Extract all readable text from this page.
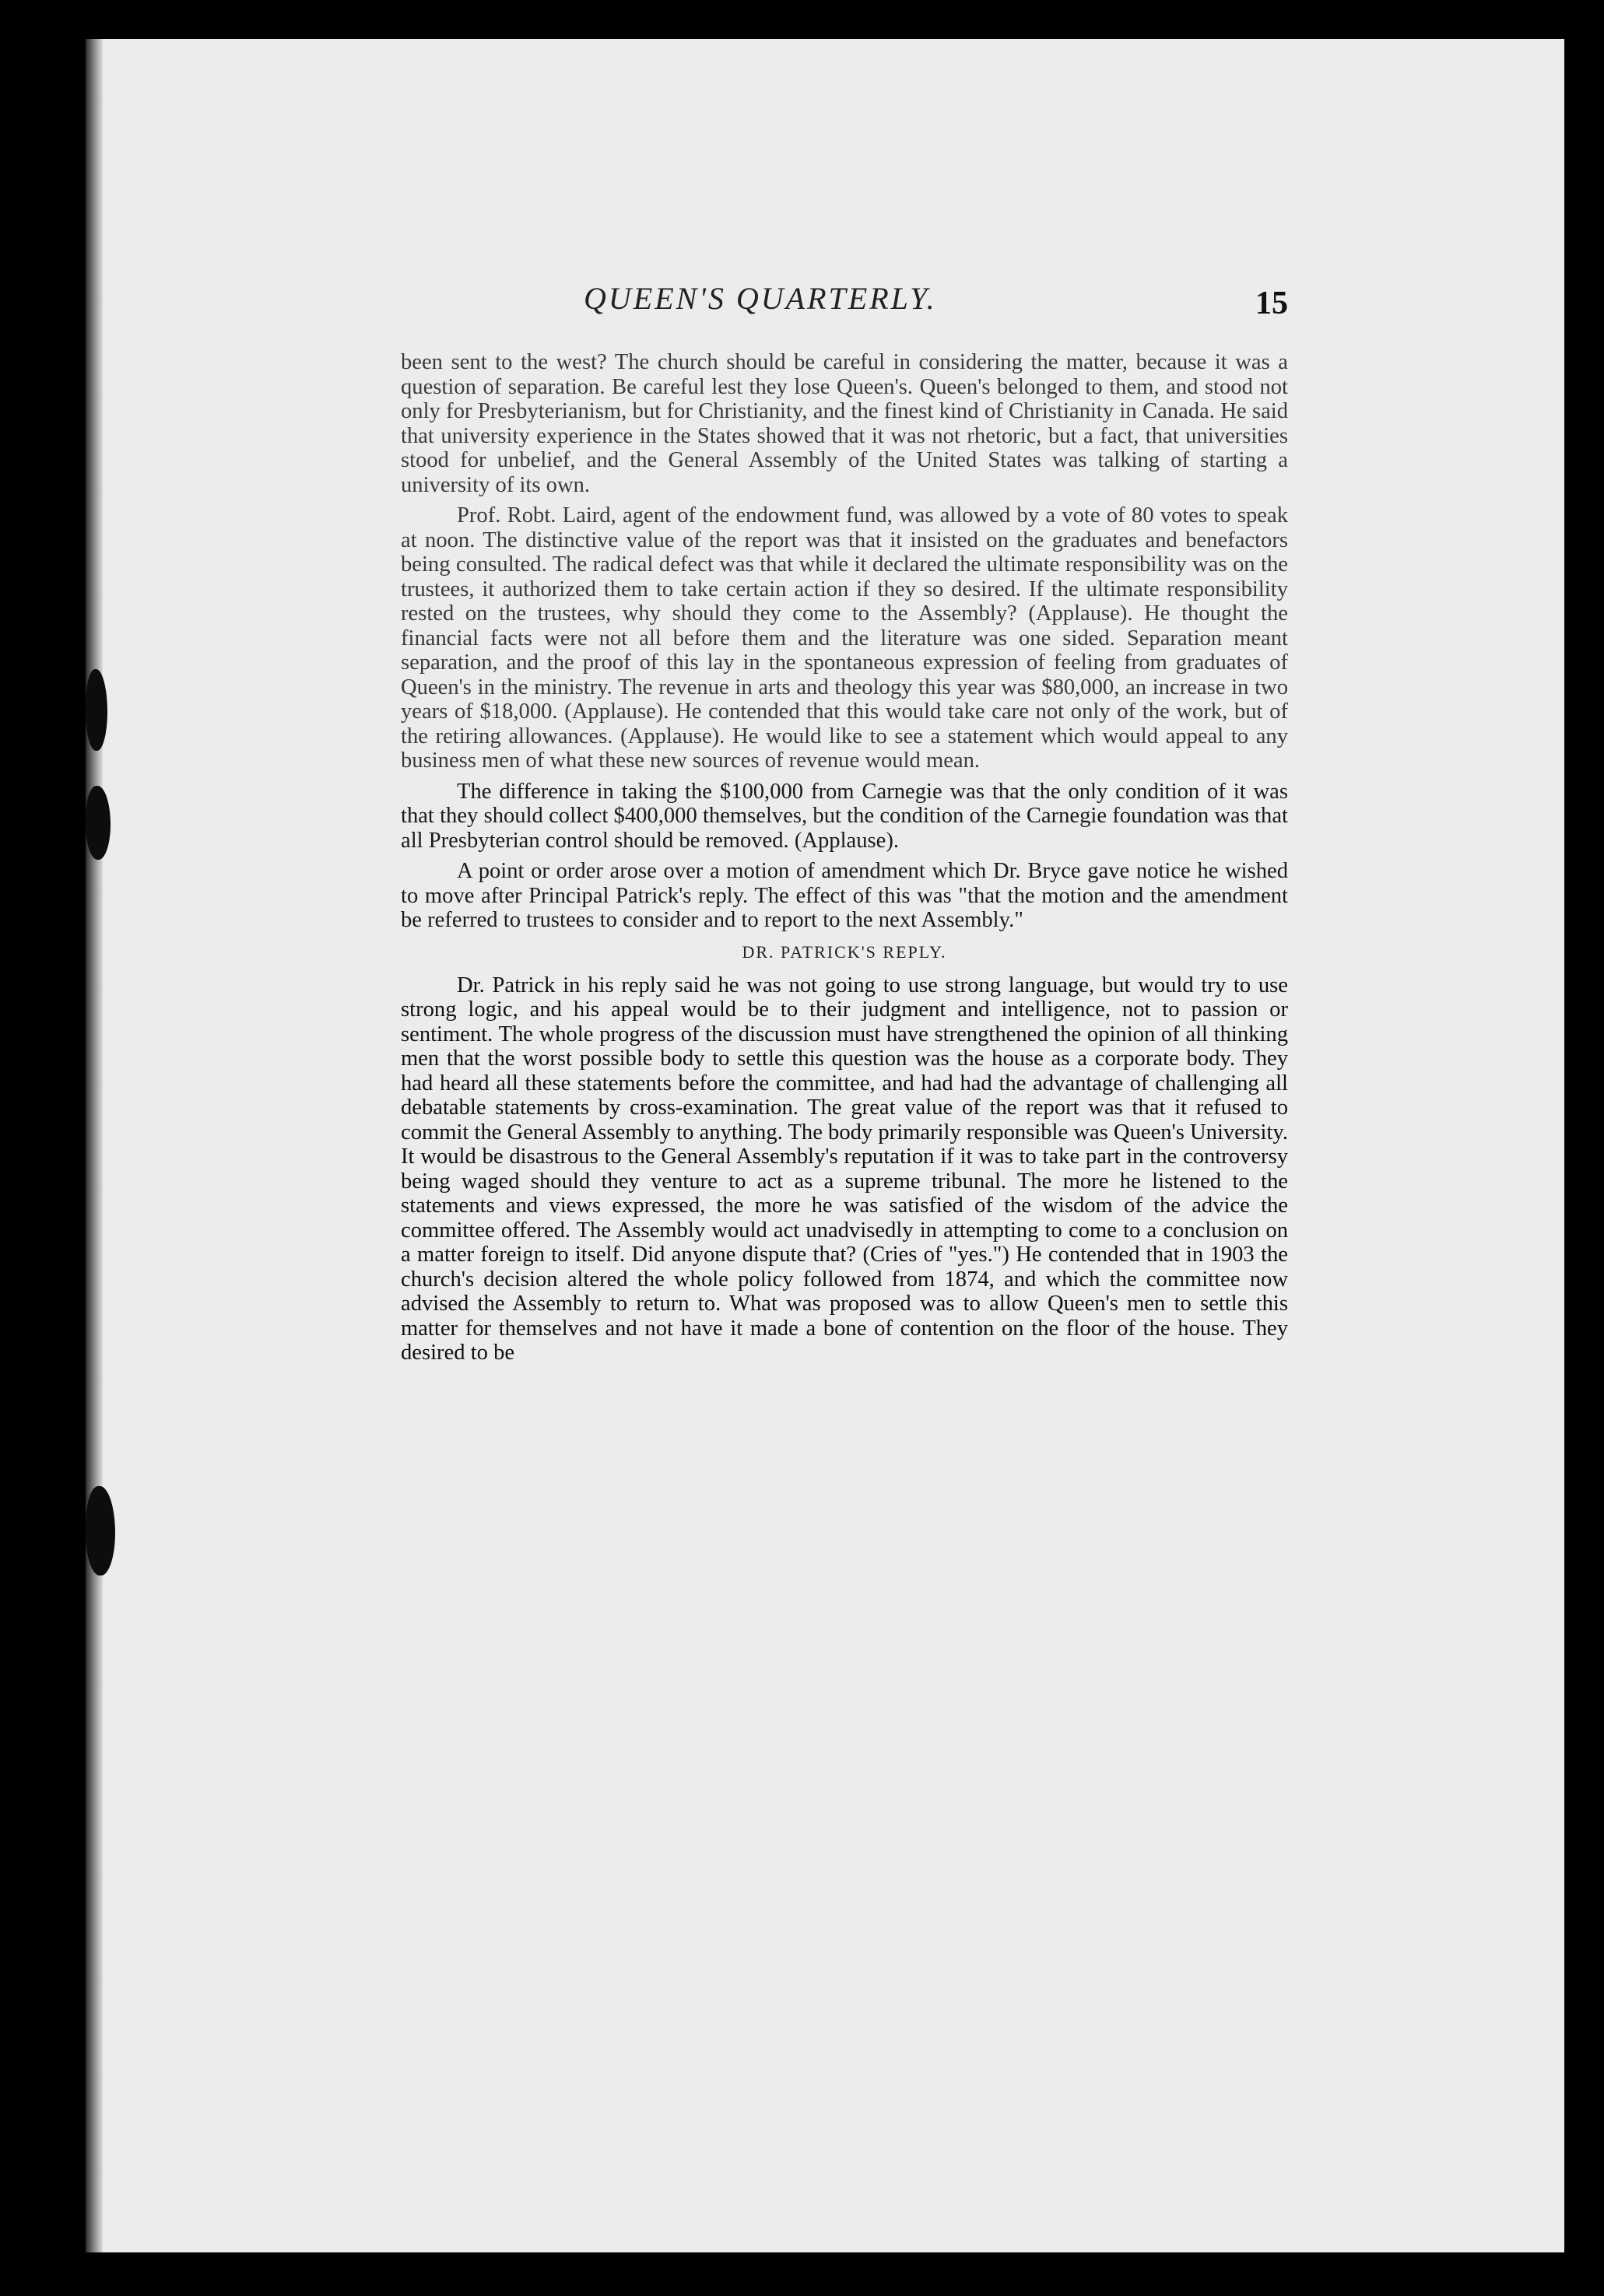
QUEEN'S QUARTERLY.	15

been sent to the west? The church should be careful in considering the matter, because it was a question of separation. Be careful lest they lose Queen's. Queen's belonged to them, and stood not only for Presbyterianism, but for Christianity, and the finest kind of Christianity in Canada. He said that university experience in the States showed that it was not rhetoric, but a fact, that universities stood for unbelief, and the General Assembly of the United States was talking of starting a university of its own.

Prof. Robt. Laird, agent of the endowment fund, was allowed by a vote of 80 votes to speak at noon. The distinctive value of the report was that it insisted on the graduates and benefactors being consulted. The radical defect was that while it declared the ultimate responsibility was on the trustees, it authorized them to take certain action if they so desired. If the ultimate responsibility rested on the trustees, why should they come to the Assembly? (Applause). He thought the financial facts were not all before them and the literature was one sided. Separation meant separation, and the proof of this lay in the spontaneous expression of feeling from graduates of Queen's in the ministry. The revenue in arts and theology this year was $80,000, an increase in two years of $18,000. (Applause). He contended that this would take care not only of the work, but of the retiring allowances. (Applause). He would like to see a statement which would appeal to any business men of what these new sources of revenue would mean.

The difference in taking the $100,000 from Carnegie was that the only condition of it was that they should collect $400,000 themselves, but the condition of the Carnegie foundation was that all Presbyterian control should be removed. (Applause).

A point or order arose over a motion of amendment which Dr. Bryce gave notice he wished to move after Principal Patrick's reply. The effect of this was "that the motion and the amendment be referred to trustees to consider and to report to the next Assembly."

DR. PATRICK'S REPLY.

Dr. Patrick in his reply said he was not going to use strong language, but would try to use strong logic, and his appeal would be to their judgment and intelligence, not to passion or sentiment. The whole progress of the discussion must have strengthened the opinion of all thinking men that the worst possible body to settle this question was the house as a corporate body. They had heard all these statements before the committee, and had had the advantage of challenging all debatable statements by cross-examination. The great value of the report was that it refused to commit the General Assembly to anything. The body primarily responsible was Queen's University. It would be disastrous to the General Assembly's reputation if it was to take part in the controversy being waged should they venture to act as a supreme tribunal. The more he listened to the statements and views expressed, the more he was satisfied of the wisdom of the advice the committee offered. The Assembly would act unadvisedly in attempting to come to a conclusion on a matter foreign to itself. Did anyone dispute that? (Cries of "yes.") He contended that in 1903 the church's decision altered the whole policy followed from 1874, and which the committee now advised the Assembly to return to. What was proposed was to allow Queen's men to settle this matter for themselves and not have it made a bone of contention on the floor of the house. They desired to be
